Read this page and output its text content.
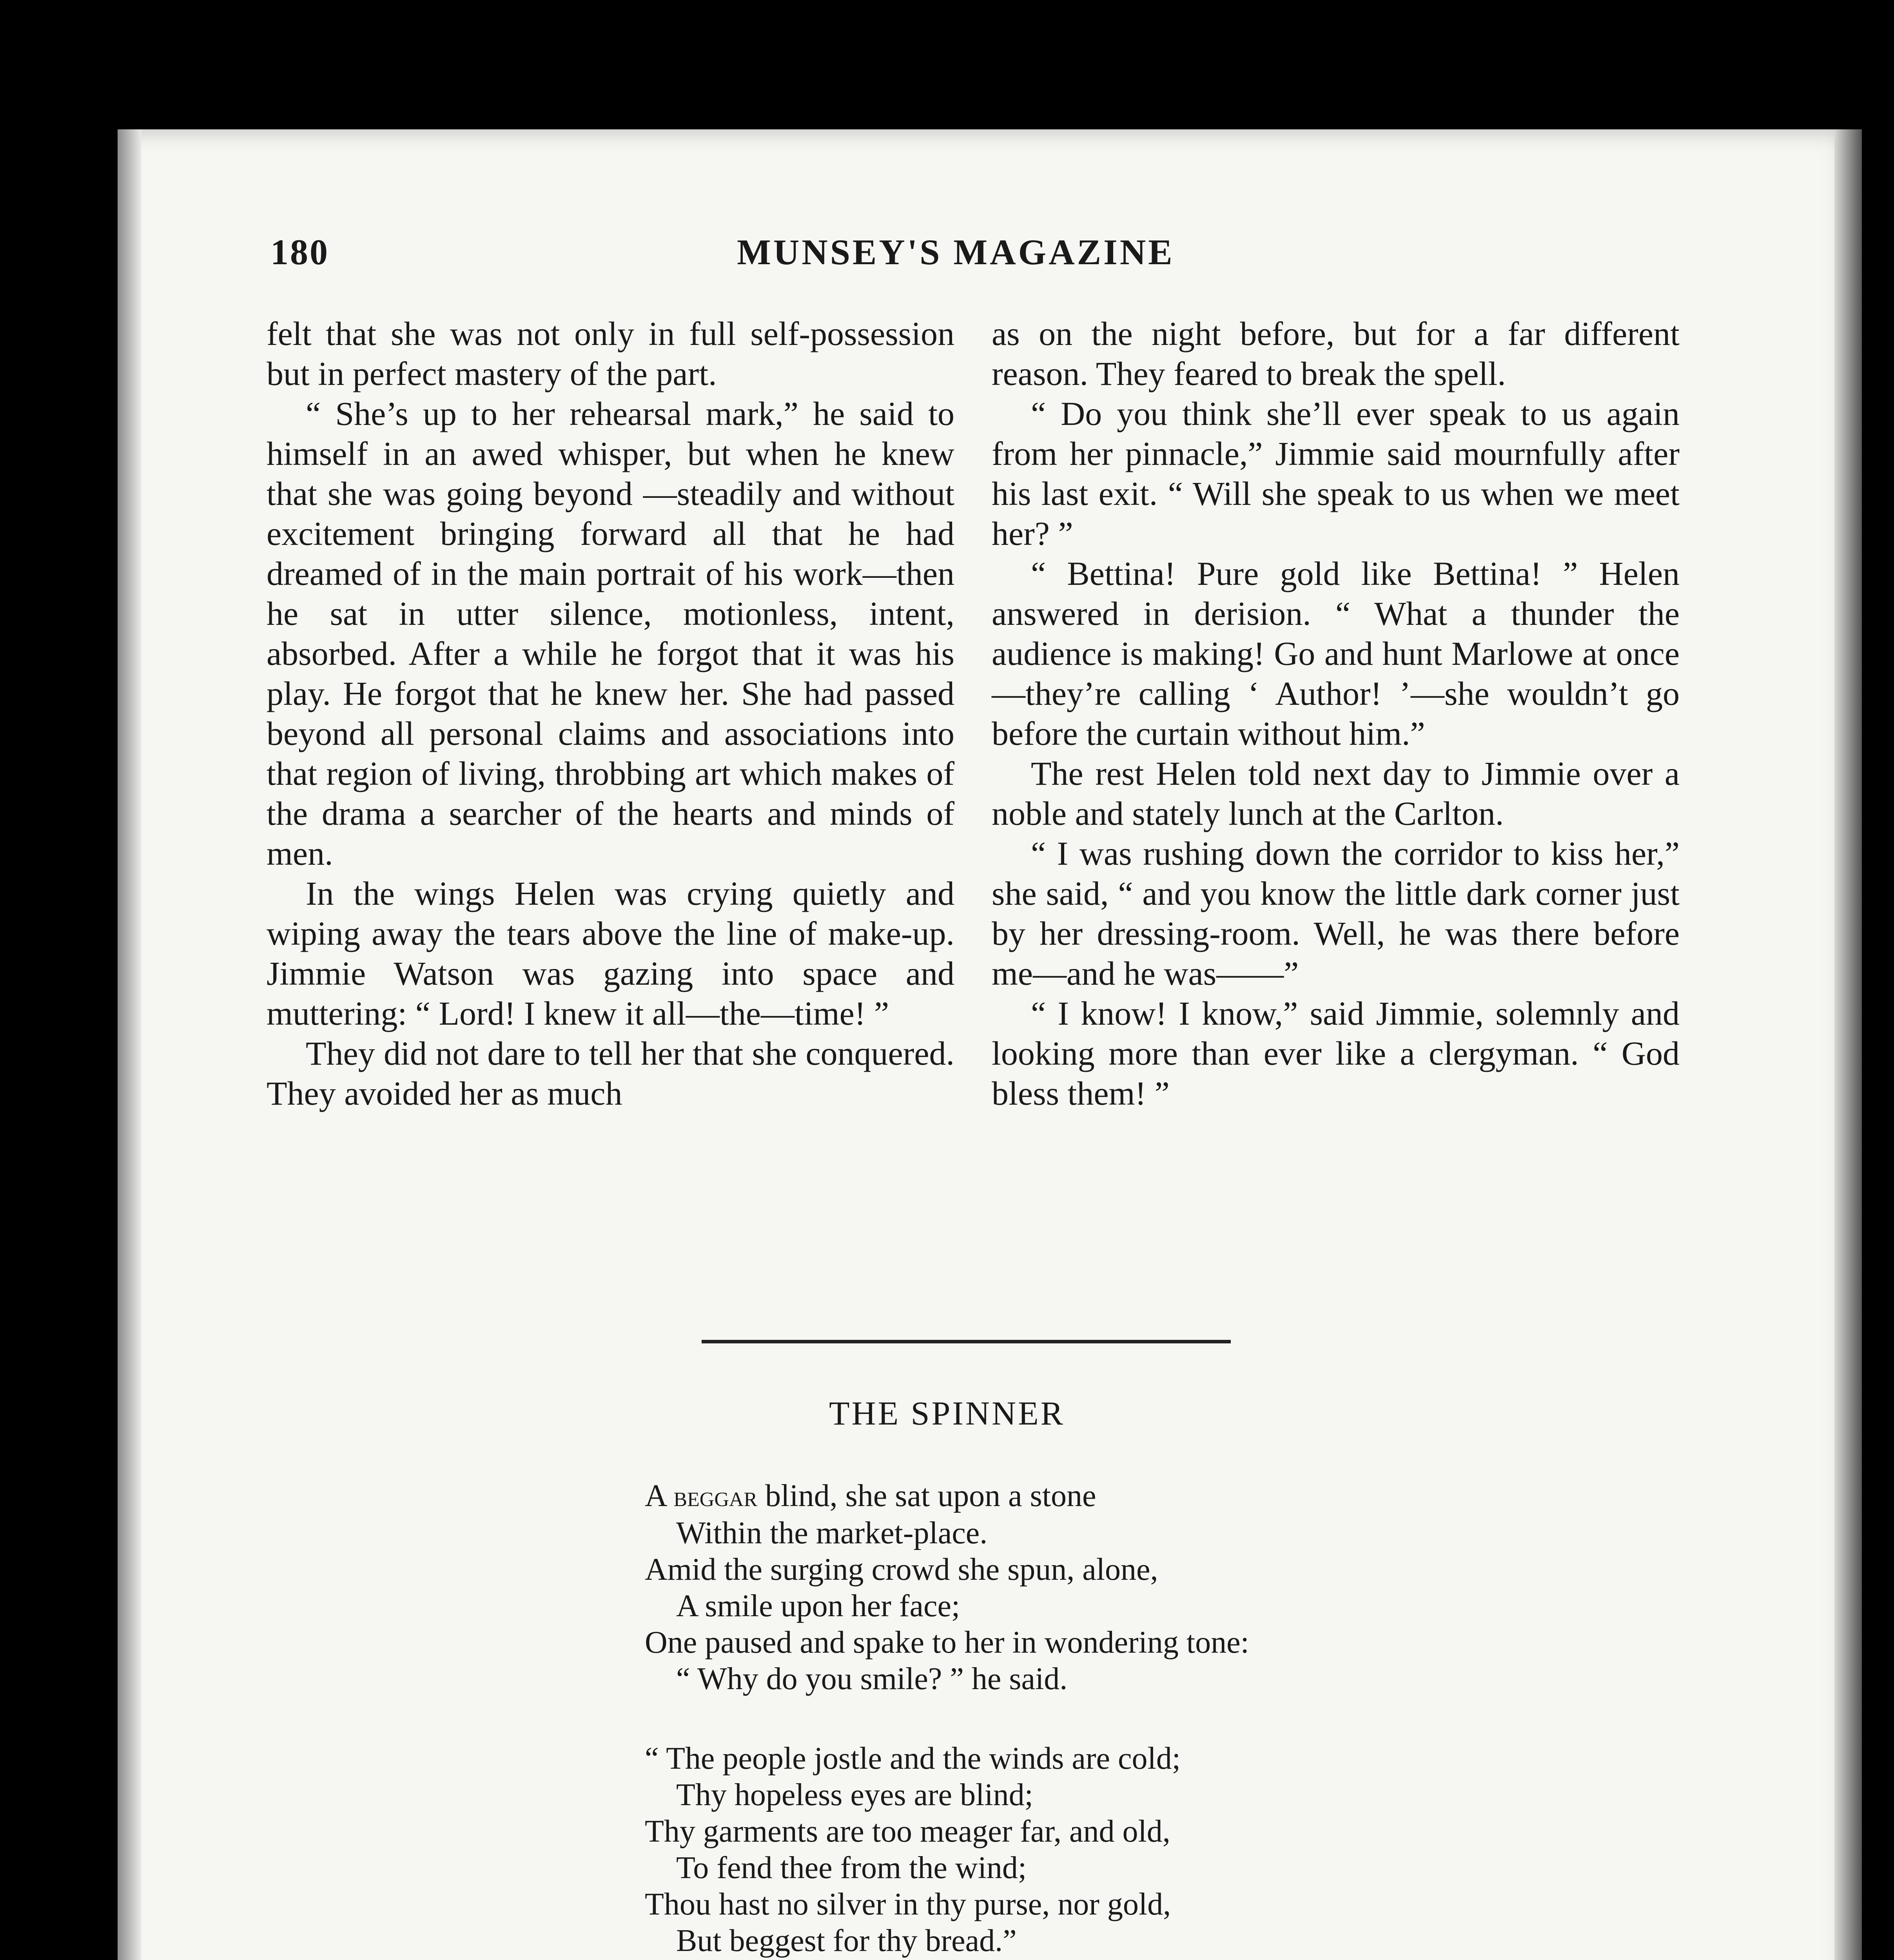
180	MUNSEY'S MAGAZINE

felt that she was not only in full self-possession but in perfect mastery of the part.

“ She’s up to her rehearsal mark,” he said to himself in an awed whisper, but when he knew that she was going beyond —steadily and without excitement bringing forward all that he had dreamed of in the main portrait of his work—then he sat in utter silence, motionless, intent, absorbed. After a while he forgot that it was his play. He forgot that he knew her. She had passed beyond all personal claims and associations into that region of living, throbbing art which makes of the drama a searcher of the hearts and minds of men.

In the wings Helen was crying quietly and wiping away the tears above the line of make-up. Jimmie Watson was gazing into space and muttering: “ Lord! I knew it all—the—time! ”

They did not dare to tell her that she conquered. They avoided her as much

as on the night before, but for a far different reason. They feared to break the spell.

“ Do you think she’ll ever speak to us again from her pinnacle,” Jimmie said mournfully after his last exit. “ Will she speak to us when we meet her? ”

“ Bettina! Pure gold like Bettina! ” Helen answered in derision. “ What a thunder the audience is making! Go and hunt Marlowe at once—they’re calling ‘ Author! ’—she wouldn’t go before the curtain without him.”

The rest Helen told next day to Jimmie over a noble and stately lunch at the Carlton.

“ I was rushing down the corridor to kiss her,” she said, “ and you know the little dark corner just by her dressing-room. Well, he was there before me—and he was——”

“ I know! I know,” said Jimmie, solemnly and looking more than ever like a clergyman. “ God bless them! ”

THE SPINNER
A beggar blind, she sat upon a stone
Within the market-place.
Amid the surging crowd she spun, alone,
A smile upon her face;
One paused and spake to her in wondering tone:
“ Why do you smile? ” he said.
“ The people jostle and the winds are cold;
Thy hopeless eyes are blind;
Thy garments are too meager far, and old,
To fend thee from the wind;
Thou hast no silver in thy purse, nor gold,
But beggest for thy bread.”
